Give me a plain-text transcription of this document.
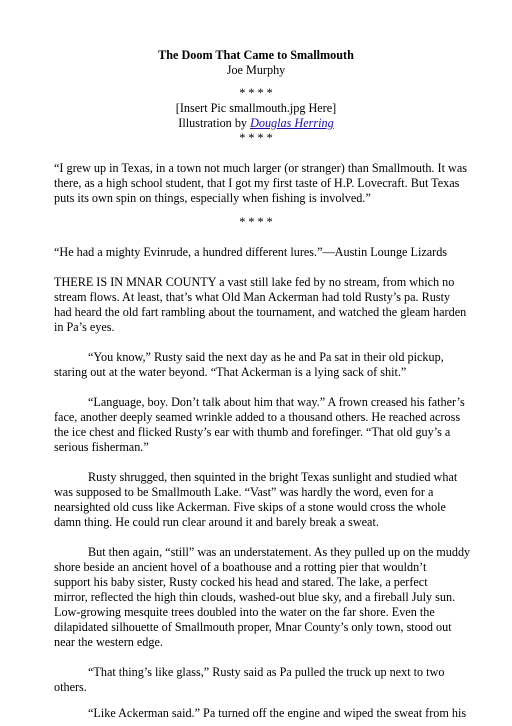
The Doom That Came to Smallmouth
Joe Murphy
* * * *
[Insert Pic smallmouth.jpg Here]
Illustration by Douglas Herring
* * * *
“I grew up in Texas, in a town not much larger (or stranger) than Smallmouth. It was
there, as a high school student, that I got my first taste of H.P. Lovecraft. But Texas
puts its own spin on things, especially when fishing is involved.”
* * * *
“He had a mighty Evinrude, a hundred different lures.”—Austin Lounge Lizards
THERE IS IN MNAR COUNTY a vast still lake fed by no stream, from which no
stream flows. At least, that’s what Old Man Ackerman had told Rusty’s pa. Rusty
had heard the old fart rambling about the tournament, and watched the gleam harden
in Pa’s eyes.
“You know,” Rusty said the next day as he and Pa sat in their old pickup,
staring out at the water beyond. “That Ackerman is a lying sack of shit.”
“Language, boy. Don’t talk about him that way.” A frown creased his father’s
face, another deeply seamed wrinkle added to a thousand others. He reached across
the ice chest and flicked Rusty’s ear with thumb and forefinger. “That old guy’s a
serious fisherman.”
Rusty shrugged, then squinted in the bright Texas sunlight and studied what
was supposed to be Smallmouth Lake. “Vast” was hardly the word, even for a
nearsighted old cuss like Ackerman. Five skips of a stone would cross the whole
damn thing. He could run clear around it and barely break a sweat.
But then again, “still” was an understatement. As they pulled up on the muddy
shore beside an ancient hovel of a boathouse and a rotting pier that wouldn’t
support his baby sister, Rusty cocked his head and stared. The lake, a perfect
mirror, reflected the high thin clouds, washed-out blue sky, and a fireball July sun.
Low-growing mesquite trees doubled into the water on the far shore. Even the
dilapidated silhouette of Smallmouth proper, Mnar County’s only town, stood out
near the western edge.
“That thing’s like glass,” Rusty said as Pa pulled the truck up next to two
others.
“Like Ackerman said.” Pa turned off the engine and wiped the sweat from his
